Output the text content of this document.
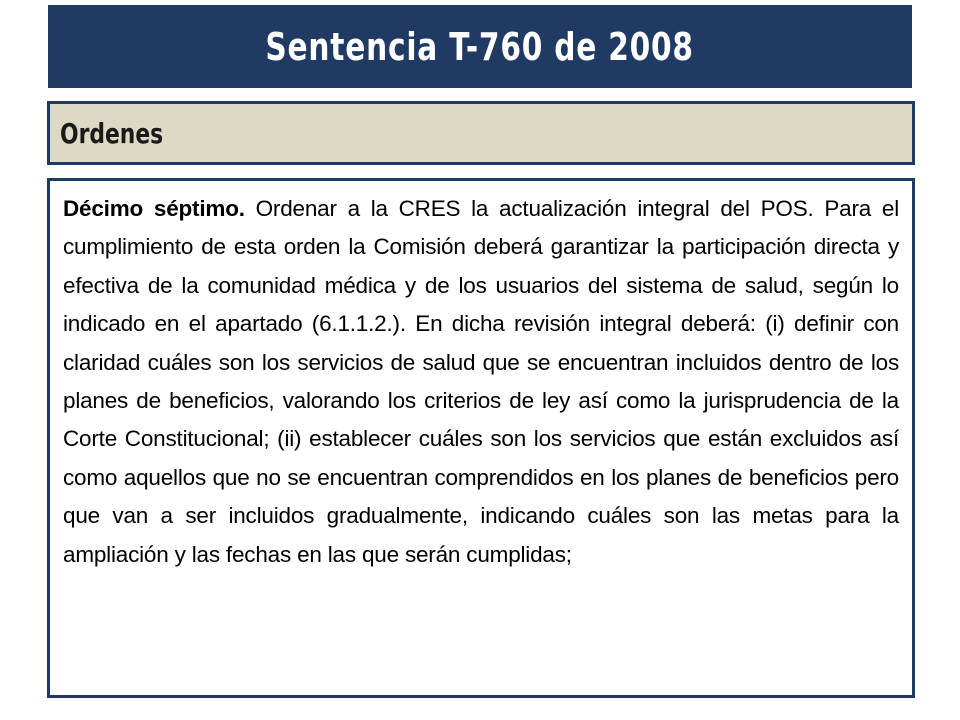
Sentencia T-760 de 2008
Ordenes

Décimo séptimo. Ordenar a la CRES la actualización integral del POS. Para el cumplimiento de esta orden la Comisión deberá garantizar la participación directa y efectiva de la comunidad médica y de los usuarios del sistema de salud, según lo indicado en el apartado (6.1.1.2.). En dicha revisión integral deberá: (i) definir con claridad cuáles son los servicios de salud que se encuentran incluidos dentro de los planes de beneficios, valorando los criterios de ley así como la jurisprudencia de la Corte Constitucional; (ii) establecer cuáles son los servicios que están excluidos así como aquellos que no se encuentran comprendidos en los planes de beneficios pero que van a ser incluidos gradualmente, indicando cuáles son las metas para la ampliación y las fechas en las que serán cumplidas;
